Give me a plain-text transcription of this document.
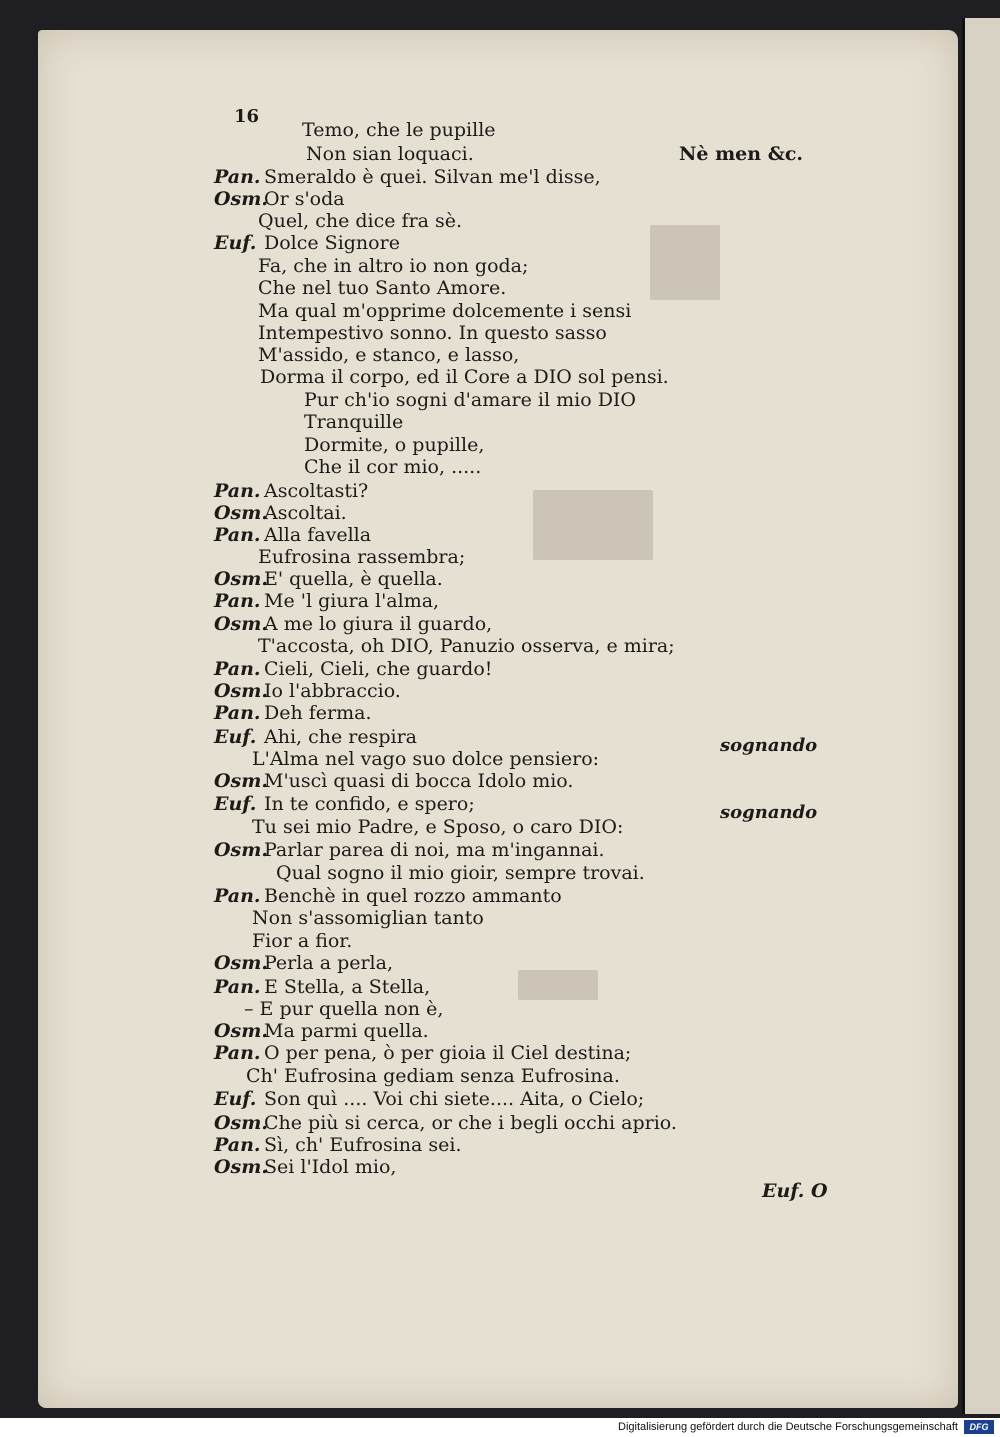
16
Nè men &c.
Temo, che le pupille
Non sian loquaci.
sognando
sognando
Euf. O
Pan. Smeraldo è quei. Silvan me'l disse,
Osm.
Or s'oda
Quel, che dice fra sè.
Euf. Dolce Signore
Fa, che in altro io non goda;
Che nel tuo Santo Amore.
Ma qual m'opprime dolcemente i sensi
Intempestivo sonno. In questo sasso
M'assido, e stanco, e lasso,
Dorma il corpo, ed il Core a DIO sol pensi.
Pur ch'io sogni d'amare il mio DIO
Tranquille
Dormite, o pupille,
Che il cor mio, .....
Pan. Ascoltasti?
Osm.
Ascoltai.
Pan. Alla favella
Eufrosina rassembra;
Osm.
E' quella, è quella.
Pan. Me 'l giura l'alma,
Osm.
A me lo giura il guardo,
T'accosta, oh DIO, Panuzio osserva, e mira;
Pan. Cieli, Cieli, che guardo!
Osm.
Io l'abbraccio.
Pan. Deh ferma.
Euf. Ahi, che respira
L'Alma nel vago suo dolce pensiero:
Osm.
M'uscì quasi di bocca Idolo mio.
Euf. In te confido, e spero;
Tu sei mio Padre, e Sposo, o caro DIO:
Osm.
Parlar parea di noi, ma m'ingannai.
Qual sogno il mio gioir, sempre trovai.
Pan. Benchè in quel rozzo ammanto
Non s'assomiglian tanto
Fior a fior.
Osm.
Perla a perla,
Pan. E Stella, a Stella,
– E pur quella non è,
Osm.
Ma parmi quella.
Pan. O per pena, ò per gioia il Ciel destina;
Ch' Eufrosina gediam senza Eufrosina.
Euf. Son quì .... Voi chi siete.... Aita, o Cielo;
Osm.
Che più si cerca, or che i begli occhi aprio.
Pan. Sì, ch' Eufrosina sei.
Osm.
Sei l'Idol mio,
Digitalisierung gefördert durch die Deutsche Forschungsgemeinschaft	DFG
